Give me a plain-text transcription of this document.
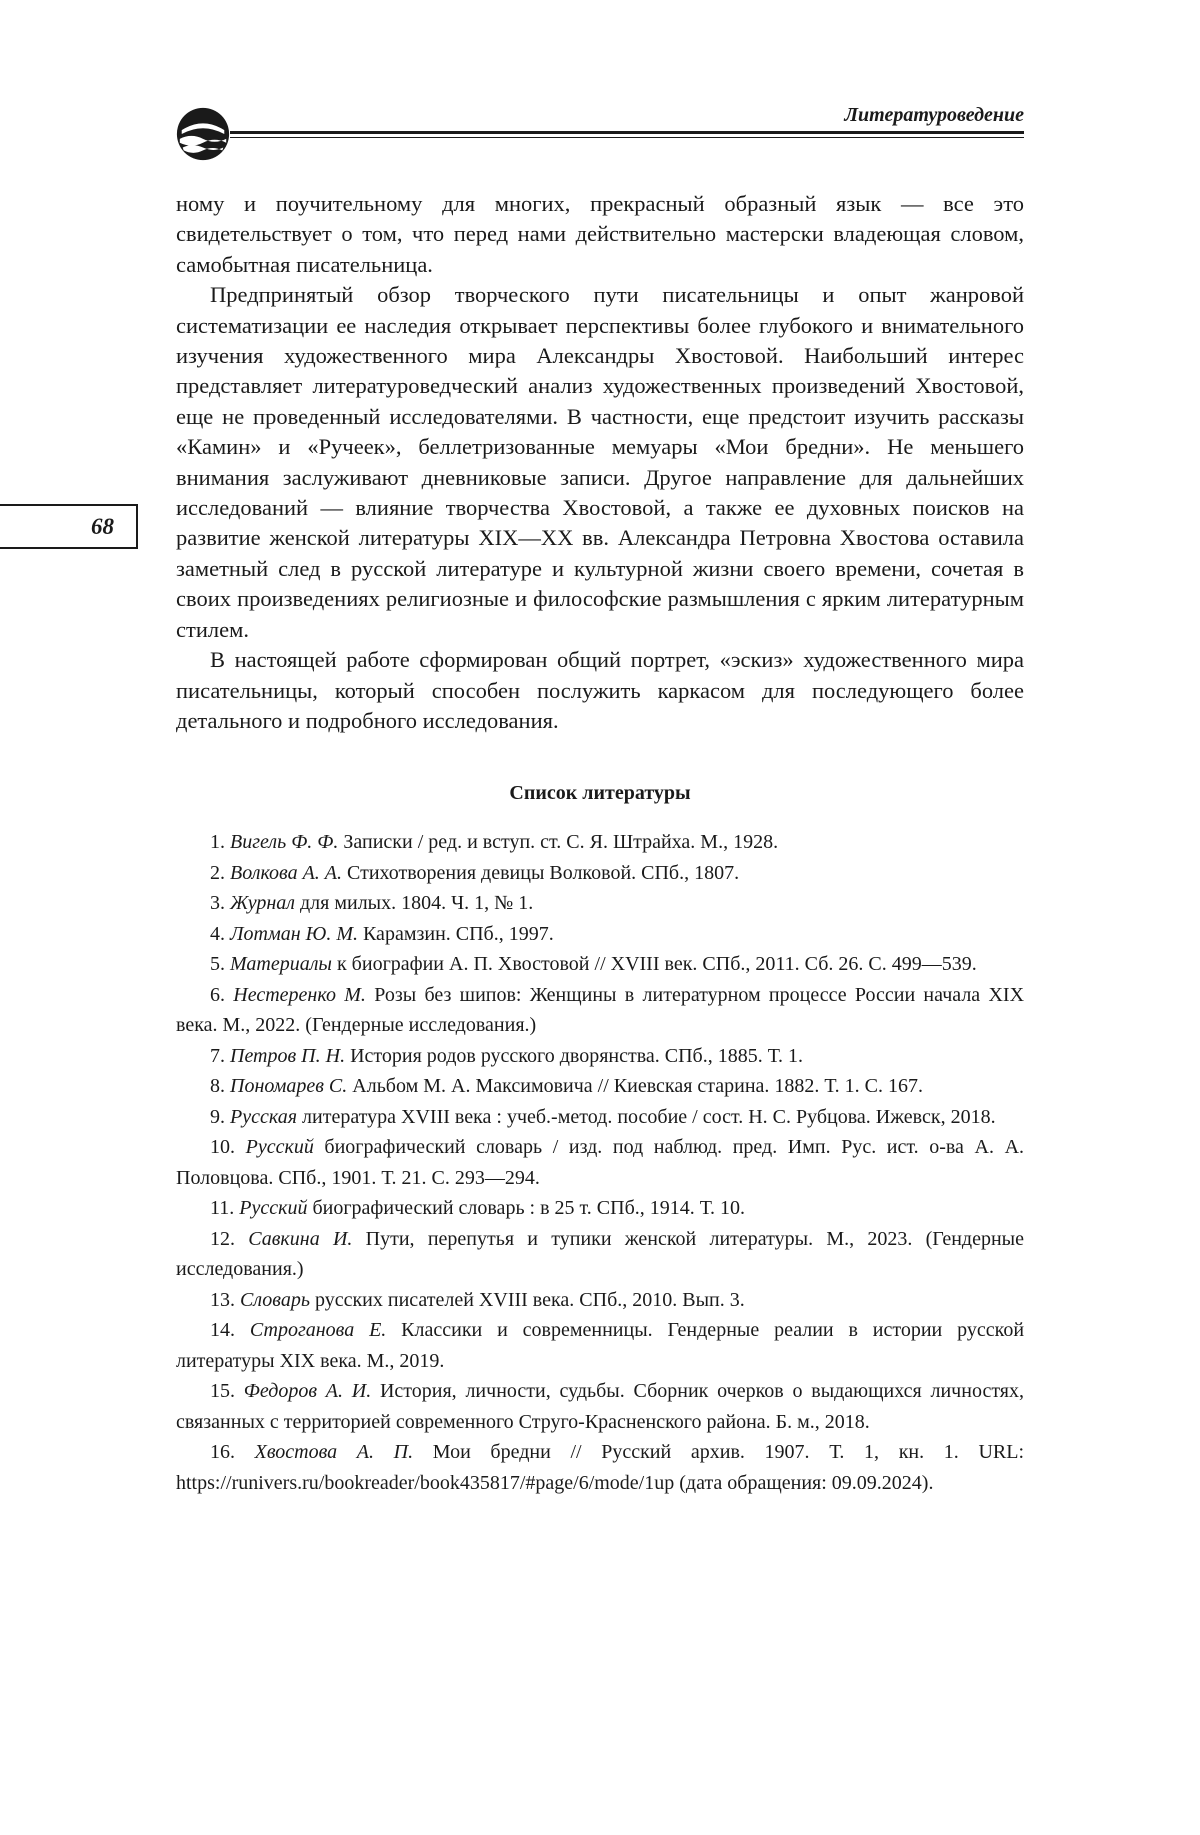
Литературоведение
68

ному и поучительному для многих, прекрасный образный язык — все это свидетельствует о том, что перед нами действительно мастерски владеющая словом, самобытная писательница.

Предпринятый обзор творческого пути писательницы и опыт жанровой систематизации ее наследия открывает перспективы более глубокого и внимательного изучения художественного мира Александры Хвостовой. Наибольший интерес представляет литературоведческий анализ художественных произведений Хвостовой, еще не проведенный исследователями. В частности, еще предстоит изучить рассказы «Камин» и «Ручеек», беллетризованные мемуары «Мои бредни». Не меньшего внимания заслуживают дневниковые записи. Другое направление для дальнейших исследований — влияние творчества Хвостовой, а также ее духовных поисков на развитие женской литературы XIX—XX вв. Александра Петровна Хвостова оставила заметный след в русской литературе и культурной жизни своего времени, сочетая в своих произведениях религиозные и философские размышления с ярким литературным стилем.

В настоящей работе сформирован общий портрет, «эскиз» художественного мира писательницы, который способен послужить каркасом для последующего более детального и подробного исследования.

Список литературы

1. Вигель Ф. Ф. Записки / ред. и вступ. ст. С. Я. Штрайха. М., 1928.

2. Волкова А. А. Стихотворения девицы Волковой. СПб., 1807.

3. Журнал для милых. 1804. Ч. 1, № 1.

4. Лотман Ю. М. Карамзин. СПб., 1997.

5. Материалы к биографии А. П. Хвостовой // XVIII век. СПб., 2011. Сб. 26. С. 499—539.

6. Нестеренко М. Розы без шипов: Женщины в литературном процессе России начала XIX века. М., 2022. (Гендерные исследования.)

7. Петров П. Н. История родов русского дворянства. СПб., 1885. Т. 1.

8. Пономарев С. Альбом М. А. Максимовича // Киевская старина. 1882. Т. 1. С. 167.

9. Русская литература XVIII века : учеб.-метод. пособие / сост. Н. С. Рубцова. Ижевск, 2018.

10. Русский биографический словарь / изд. под наблюд. пред. Имп. Рус. ист. о-ва А. А. Половцова. СПб., 1901. Т. 21. С. 293—294.

11. Русский биографический словарь : в 25 т. СПб., 1914. Т. 10.

12. Савкина И. Пути, перепутья и тупики женской литературы. М., 2023. (Гендерные исследования.)

13. Словарь русских писателей XVIII века. СПб., 2010. Вып. 3.

14. Строганова Е. Классики и современницы. Гендерные реалии в истории русской литературы XIX века. М., 2019.

15. Федоров А. И. История, личности, судьбы. Сборник очерков о выдающихся личностях, связанных с территорией современного Струго-Красненского района. Б. м., 2018.

16. Хвостова А. П. Мои бредни // Русский архив. 1907. Т. 1, кн. 1. URL: https://runivers.ru/bookreader/book435817/#page/6/mode/1up (дата обращения: 09.09.2024).
